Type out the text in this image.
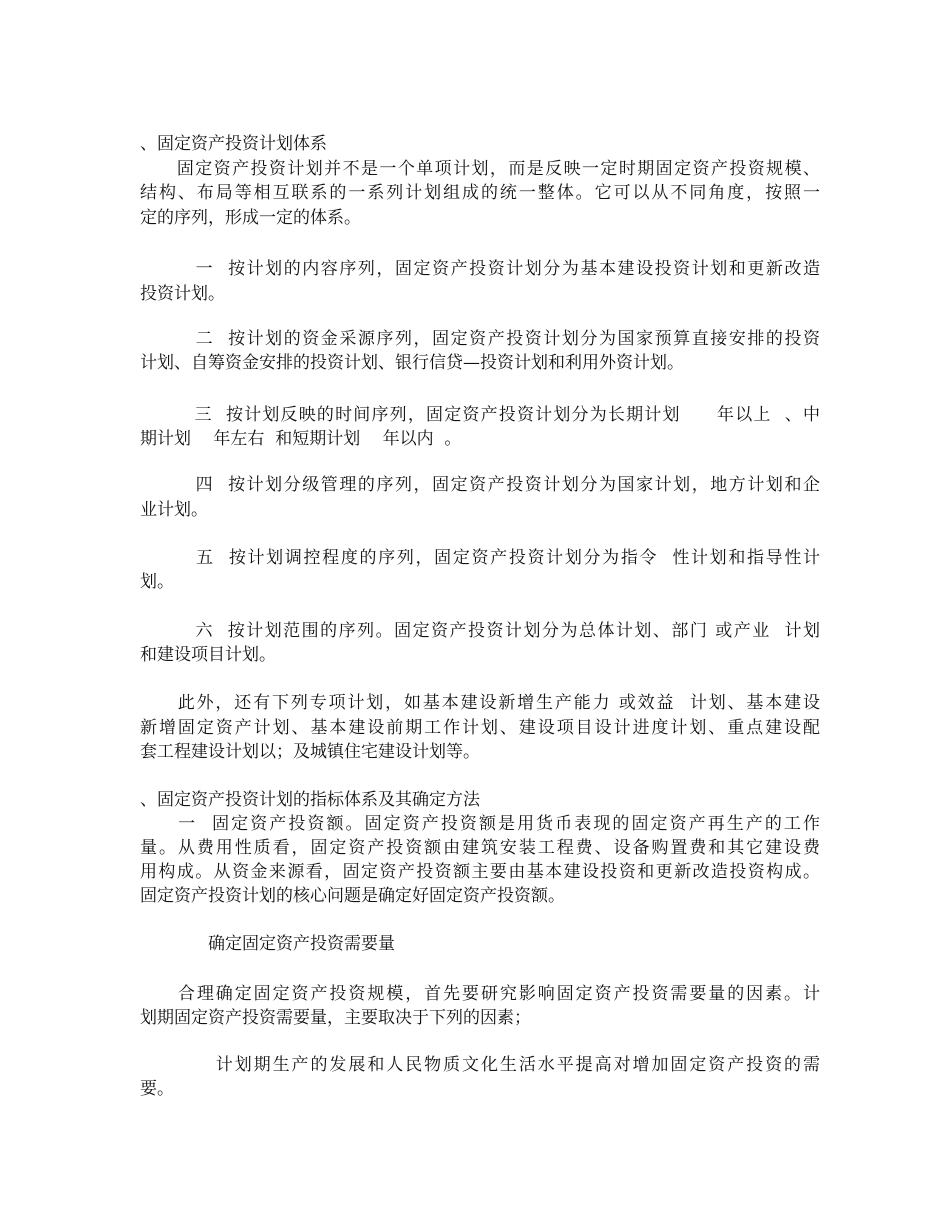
、固定资产投资计划体系
　　固定资产投资计划并不是一个单项计划，而是反映一定时期固定资产投资规模、
结构、布局等相互联系的一系列计划组成的统一整体。它可以从不同角度，按照一
定的序列，形成一定的体系。
　　　一  按计划的内容序列，固定资产投资计划分为基本建设投资计划和更新改造
投资计划。
　　　二  按计划的资金采源序列，固定资产投资计划分为国家预算直接安排的投资
计划、自筹资金安排的投资计划、银行信贷—投资计划和利用外资计划。
　　　三  按计划反映的时间序列，固定资产投资计划分为长期计划　　年以上  、中
期计划　 年左右  和短期计划　 年以内  。
　　　四  按计划分级管理的序列，固定资产投资计划分为国家计划，地方计划和企
业计划。
　　　五  按计划调控程度的序列，固定资产投资计划分为指令  性计划和指导性计
划。
　　　六  按计划范围的序列。固定资产投资计划分为总体计划、部门 或产业  计划
和建设项目计划。
　　此外，还有下列专项计划，如基本建设新增生产能力 或效益  计划、基本建设
新增固定资产计划、基本建设前期工作计划、建设项目设计进度计划、重点建设配
套工程建设计划以；及城镇住宅建设计划等。
、固定资产投资计划的指标体系及其确定方法
　　一  固定资产投资额。固定资产投资额是用货币表现的固定资产再生产的工作
量。从费用性质看，固定资产投资额由建筑安装工程费、设备购置费和其它建设费
用构成。从资金来源看，固定资产投资额主要由基本建设投资和更新改造投资构成。
固定资产投资计划的核心问题是确定好固定资产投资额。
　　　　确定固定资产投资需要量
　　合理确定固定资产投资规模，首先要研究影响固定资产投资需要量的因素。计
划期固定资产投资需要量，主要取决于下列的因素；
　　　　计划期生产的发展和人民物质文化生活水平提高对增加固定资产投资的需
要。
